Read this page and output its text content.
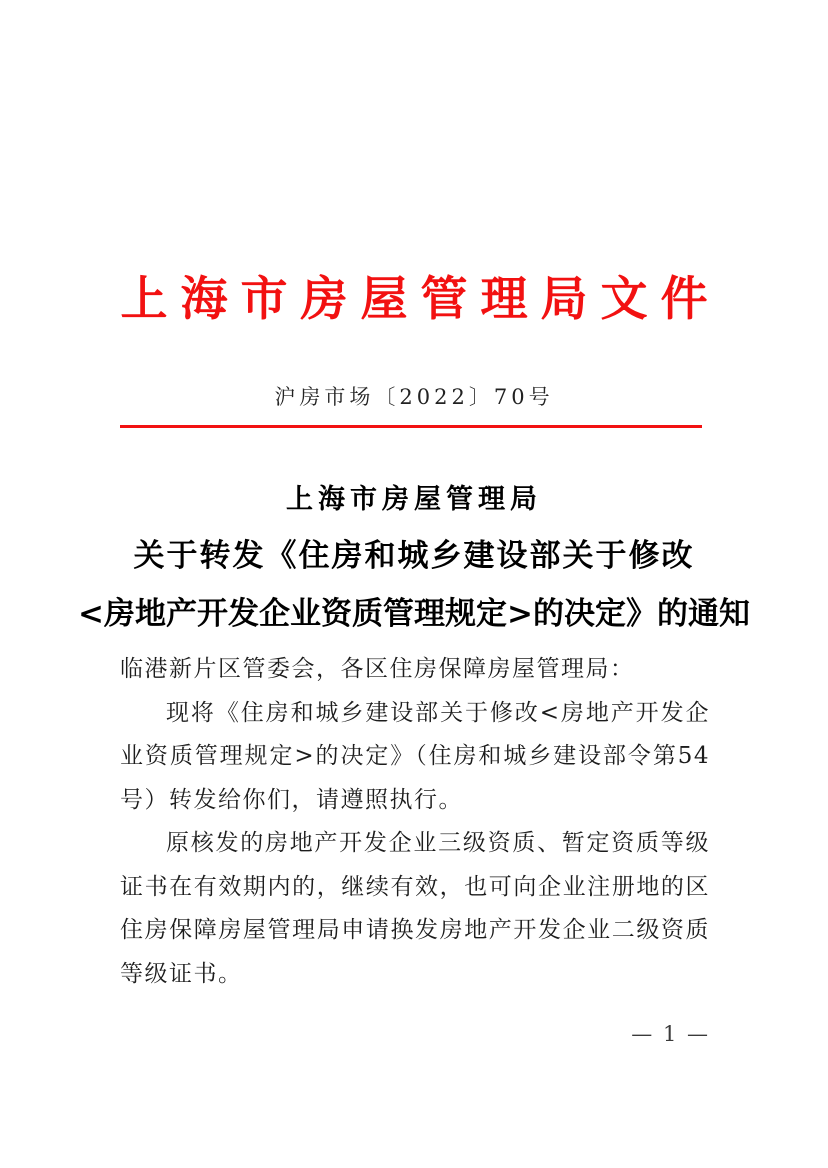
上海市房屋管理局文件
沪房市场〔2022〕70号
上海市房屋管理局
关于转发《住房和城乡建设部关于修改
<房地产开发企业资质管理规定>的决定》的通知

临港新片区管委会，各区住房保障房屋管理局：

现将《住房和城乡建设部关于修改<房地产开发企业资质管理规定>的决定》（住房和城乡建设部令第54号）转发给你们，请遵照执行。

原核发的房地产开发企业三级资质、暂定资质等级证书在有效期内的，继续有效，也可向企业注册地的区住房保障房屋管理局申请换发房地产开发企业二级资质等级证书。

— 1 —
